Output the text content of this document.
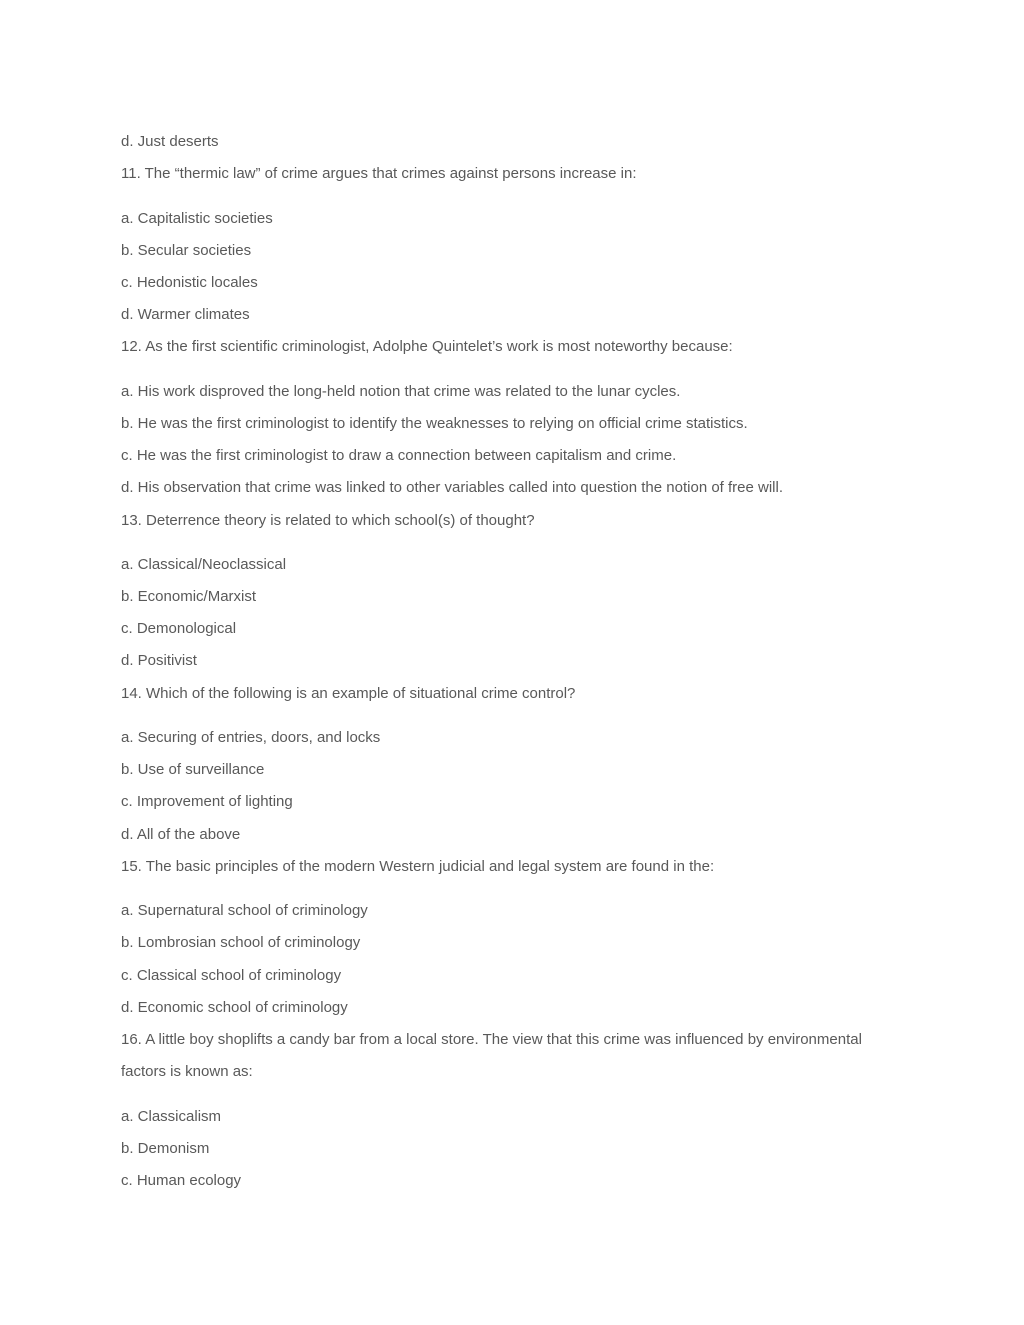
d. Just deserts
11. The “thermic law” of crime argues that crimes against persons increase in:
a. Capitalistic societies
b. Secular societies
c. Hedonistic locales
d. Warmer climates
12. As the first scientific criminologist, Adolphe Quintelet’s work is most noteworthy because:
a. His work disproved the long-held notion that crime was related to the lunar cycles.
b. He was the first criminologist to identify the weaknesses to relying on official crime statistics.
c. He was the first criminologist to draw a connection between capitalism and crime.
d. His observation that crime was linked to other variables called into question the notion of free will.
13. Deterrence theory is related to which school(s) of thought?
a. Classical/Neoclassical
b. Economic/Marxist
c. Demonological
d. Positivist
14. Which of the following is an example of situational crime control?
a. Securing of entries, doors, and locks
b. Use of surveillance
c. Improvement of lighting
d. All of the above
15. The basic principles of the modern Western judicial and legal system are found in the:
a. Supernatural school of criminology
b. Lombrosian school of criminology
c. Classical school of criminology
d. Economic school of criminology
16. A little boy shoplifts a candy bar from a local store. The view that this crime was influenced by environmental factors is known as:
a. Classicalism
b. Demonism
c. Human ecology
